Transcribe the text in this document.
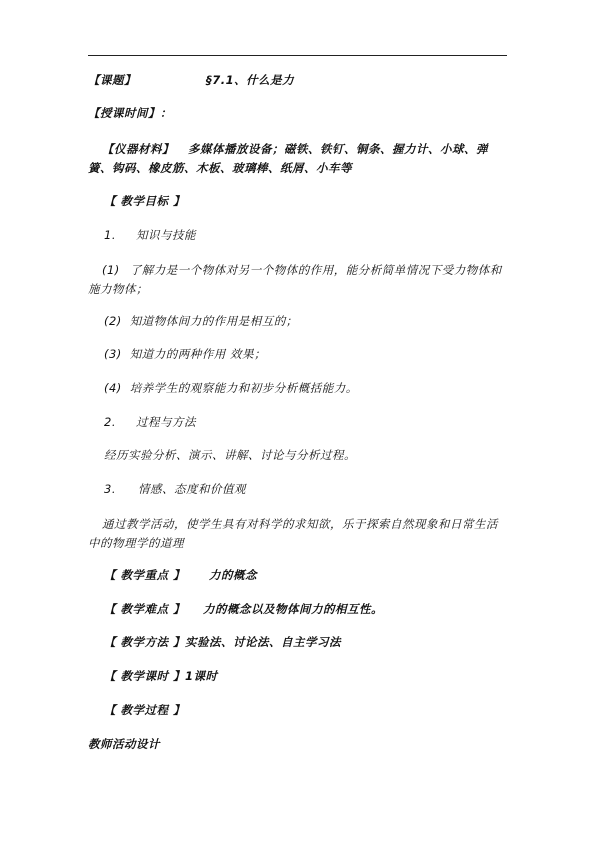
【课题】	§7.1、什么是力
【授课时间】：
【仪器材料】 多媒体播放设备；磁铁、铁钉、铜条、握力计、小球、弹簧、钩码、橡皮筋、木板、玻璃棒、纸屑、小车等
【 教学目标 】
1. 知识与技能
(1) 了解力是一个物体对另一个物体的作用，能分析简单情况下受力物体和施力物体；
(2) 知道物体间力的作用是相互的；
(3) 知道力的两种作用 效果；
(4) 培养学生的观察能力和初步分析概括能力。
2. 过程与方法
经历实验分析、演示、讲解、讨论与分析过程。
3. 情感、态度和价值观
通过教学活动，使学生具有对科学的求知欲，乐于探索自然现象和日常生活中的物理学的道理
【 教学重点 】 力的概念
【 教学难点 】 力的概念以及物体间力的相互性。
【 教学方法 】实验法、讨论法、自主学习法
【 教学课时 】1课时
【 教学过程 】
教师活动设计
